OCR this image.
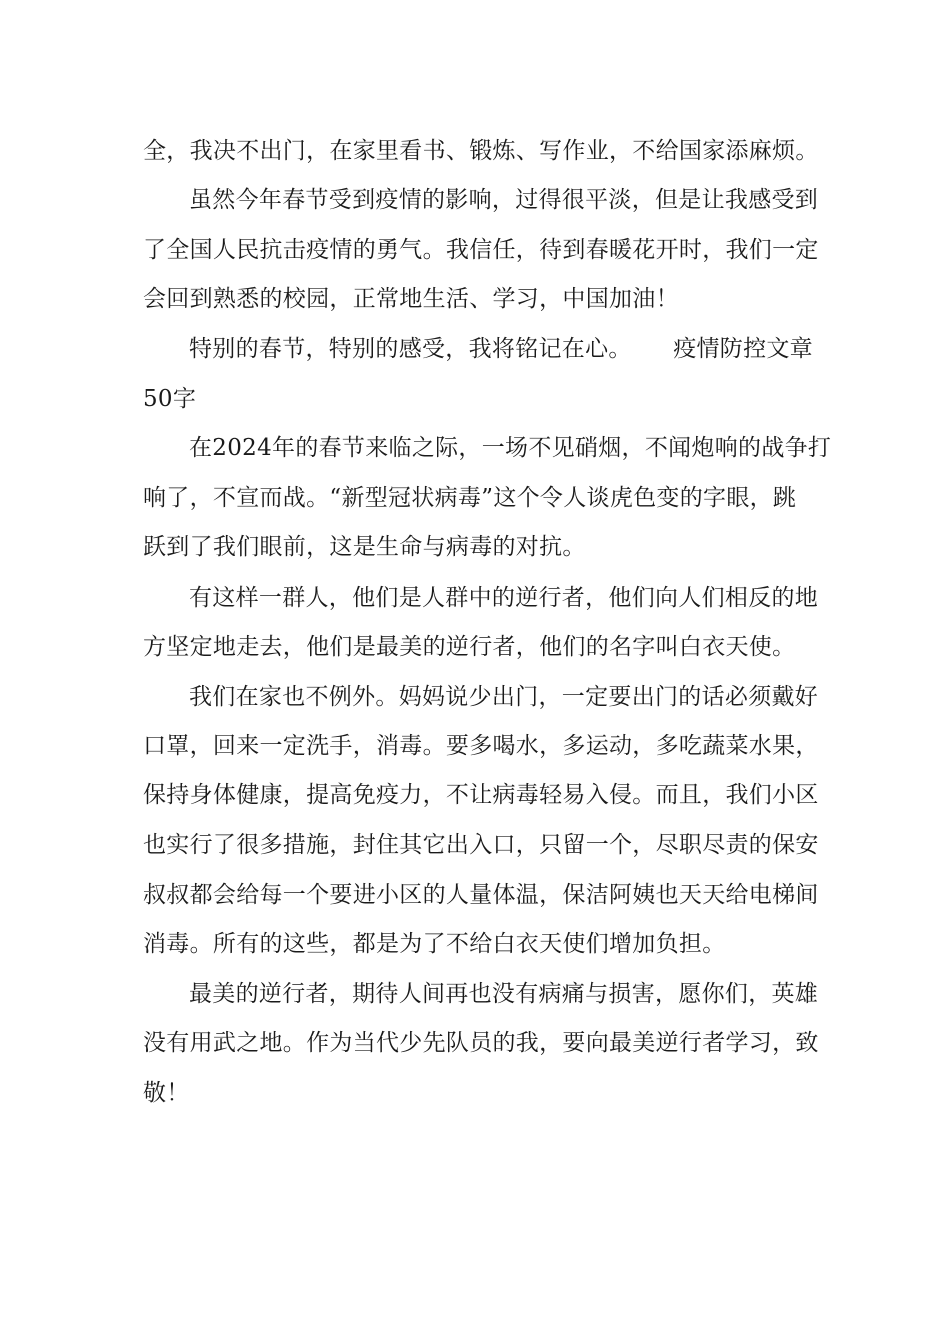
全，我决不出门，在家里看书、锻炼、写作业，不给国家添麻烦。
虽然今年春节受到疫情的影响，过得很平淡，但是让我感受到
了全国人民抗击疫情的勇气。我信任，待到春暖花开时，我们一定
会回到熟悉的校园，正常地生活、学习，中国加油！
特别的春节，特别的感受，我将铭记在心。 疫情防控文章
50字
在2024年的春节来临之际，一场不见硝烟，不闻炮响的战争打
响了，不宣而战。“新型冠状病毒”这个令人谈虎色变的字眼，跳
跃到了我们眼前，这是生命与病毒的对抗。
有这样一群人，他们是人群中的逆行者，他们向人们相反的地
方坚定地走去，他们是最美的逆行者，他们的名字叫白衣天使。
我们在家也不例外。妈妈说少出门，一定要出门的话必须戴好
口罩，回来一定洗手，消毒。要多喝水，多运动，多吃蔬菜水果，
保持身体健康，提高免疫力，不让病毒轻易入侵。而且，我们小区
也实行了很多措施，封住其它出入口，只留一个，尽职尽责的保安
叔叔都会给每一个要进小区的人量体温，保洁阿姨也天天给电梯间
消毒。所有的这些，都是为了不给白衣天使们增加负担。
最美的逆行者，期待人间再也没有病痛与损害，愿你们，英雄
没有用武之地。作为当代少先队员的我，要向最美逆行者学习，致
敬！
